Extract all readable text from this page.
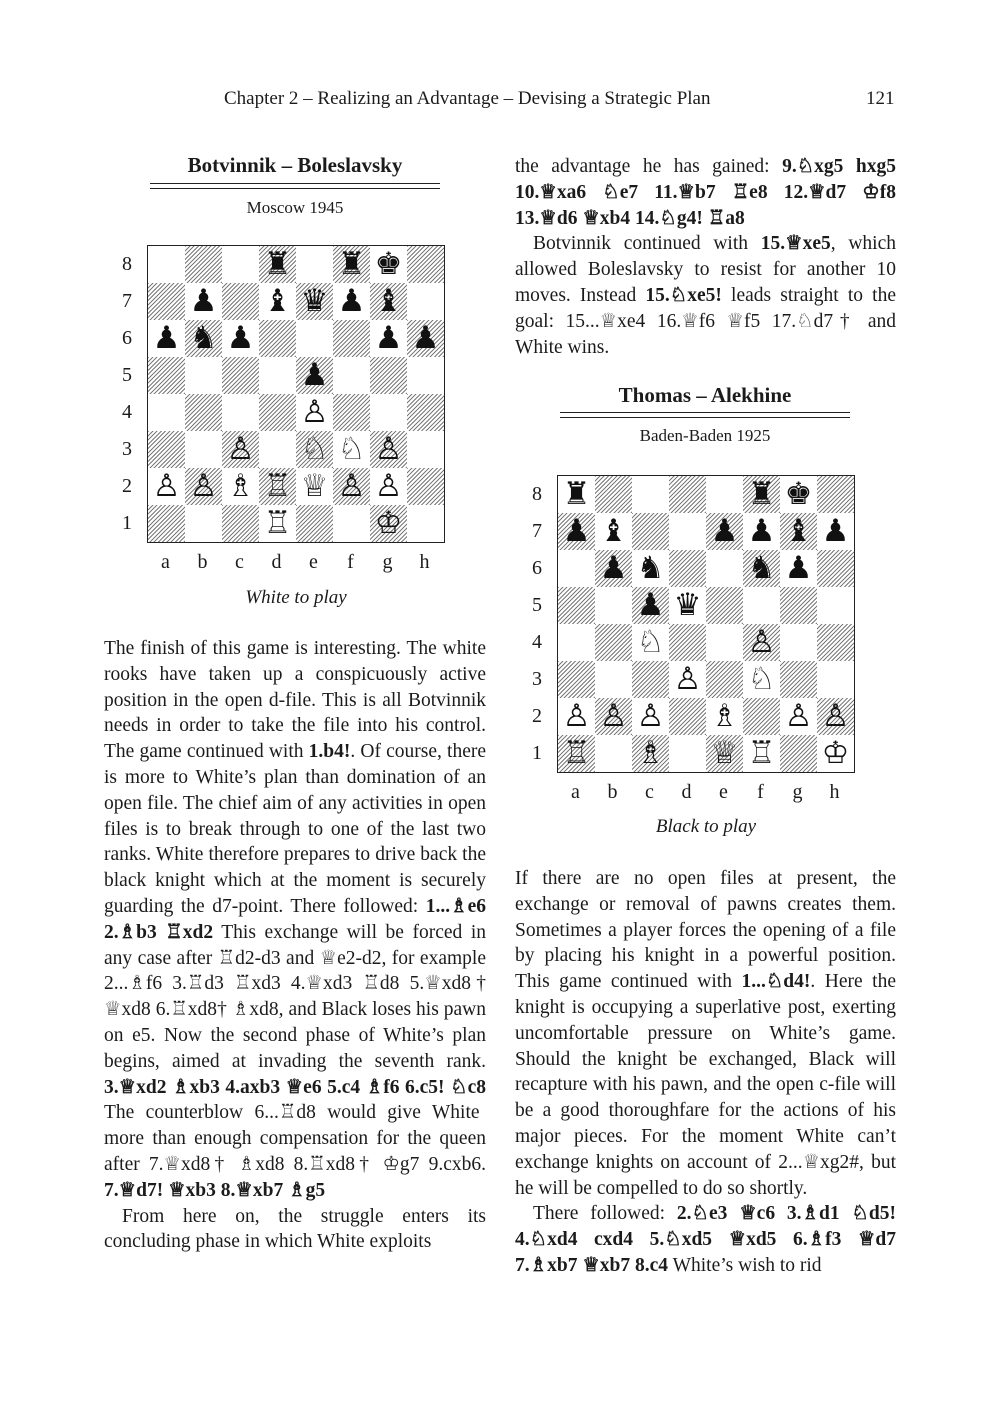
Chapter 2 – Realizing an Advantage – Devising a Strategic Plan	121
Botvinnik – Boleslavsky
Moscow 1945
♜ ♜ ♚
♟ ♝ ♛ ♟ ♝
♟ ♞ ♟	♟ ♟
♟
♙
♙ ♘ ♘ ♙
♙ ♙ ♗ ♖ ♕ ♙ ♙
♖	♔
8
7
6
5
4
3
2
1
a	b	c	d	e	f	g	h
White to play

The finish of this game is interesting. The white rooks have taken up a conspicuously active position in the open d-file. This is all Botvinnik needs in order to take the file into his control. The game continued with 1.b4!. Of course, there is more to White’s plan than domination of an open file. The chief aim of any activities in open files is to break through to one of the last two ranks. White therefore prepares to drive back the black knight which at the moment is securely guarding the d7-point. There followed: 1...♗e6 2.♗b3 ♖xd2 This exchange will be forced in any case after ♖d2-d3 and ♕e2-d2, for example 2...♗f6 3.♖d3 ♖xd3 4.♕xd3 ♖d8 5.♕xd8† ♕xd8 6.♖xd8† ♗xd8, and Black loses his pawn on e5. Now the second phase of White’s plan begins, aimed at invading the seventh rank. 3.♕xd2 ♗xb3 4.axb3 ♕e6 5.c4 ♗f6 6.c5! ♘c8 The counterblow 6...♖d8 would give White more than enough compensation for the queen after 7.♕xd8† ♗xd8 8.♖xd8† ♔g7 9.cxb6. 7.♕d7! ♕xb3 8.♕xb7 ♗g5

From here on, the struggle enters its concluding phase in which White exploits

the advantage he has gained: 9.♘xg5 hxg5 10.♕xa6 ♘e7 11.♕b7 ♖e8 12.♕d7 ♔f8 13.♕d6 ♕xb4 14.♘g4! ♖a8

Botvinnik continued with 15.♕xe5, which allowed Boleslavsky to resist for another 10 moves. Instead 15.♘xe5! leads straight to the goal: 15...♕xe4 16.♕f6 ♕f5 17.♘d7† and White wins.

Thomas – Alekhine
Baden-Baden 1925
♜	♜ ♚
♟ ♝	♟ ♟ ♝ ♟
♟ ♞	♞ ♟
♟ ♛
♘	♙
♙ ♘
♙ ♙ ♙ ♗ ♙ ♙
♖ ♗ ♕ ♖ ♔
8
7
6
5
4
3
2
1
a	b	c	d	e	f	g	h
Black to play

If there are no open files at present, the exchange or removal of pawns creates them. Sometimes a player forces the opening of a file by placing his knight in a powerful position. This game continued with 1...♘d4!. Here the knight is occupying a superlative post, exerting uncomfortable pressure on White’s game. Should the knight be exchanged, Black will recapture with his pawn, and the open c-file will be a good thoroughfare for the actions of his major pieces. For the moment White can’t exchange knights on account of 2...♕xg2#, but he will be compelled to do so shortly.

There followed: 2.♘e3 ♕c6 3.♗d1 ♘d5! 4.♘xd4 cxd4 5.♘xd5 ♕xd5 6.♗f3 ♕d7 7.♗xb7 ♕xb7 8.c4 White’s wish to rid
